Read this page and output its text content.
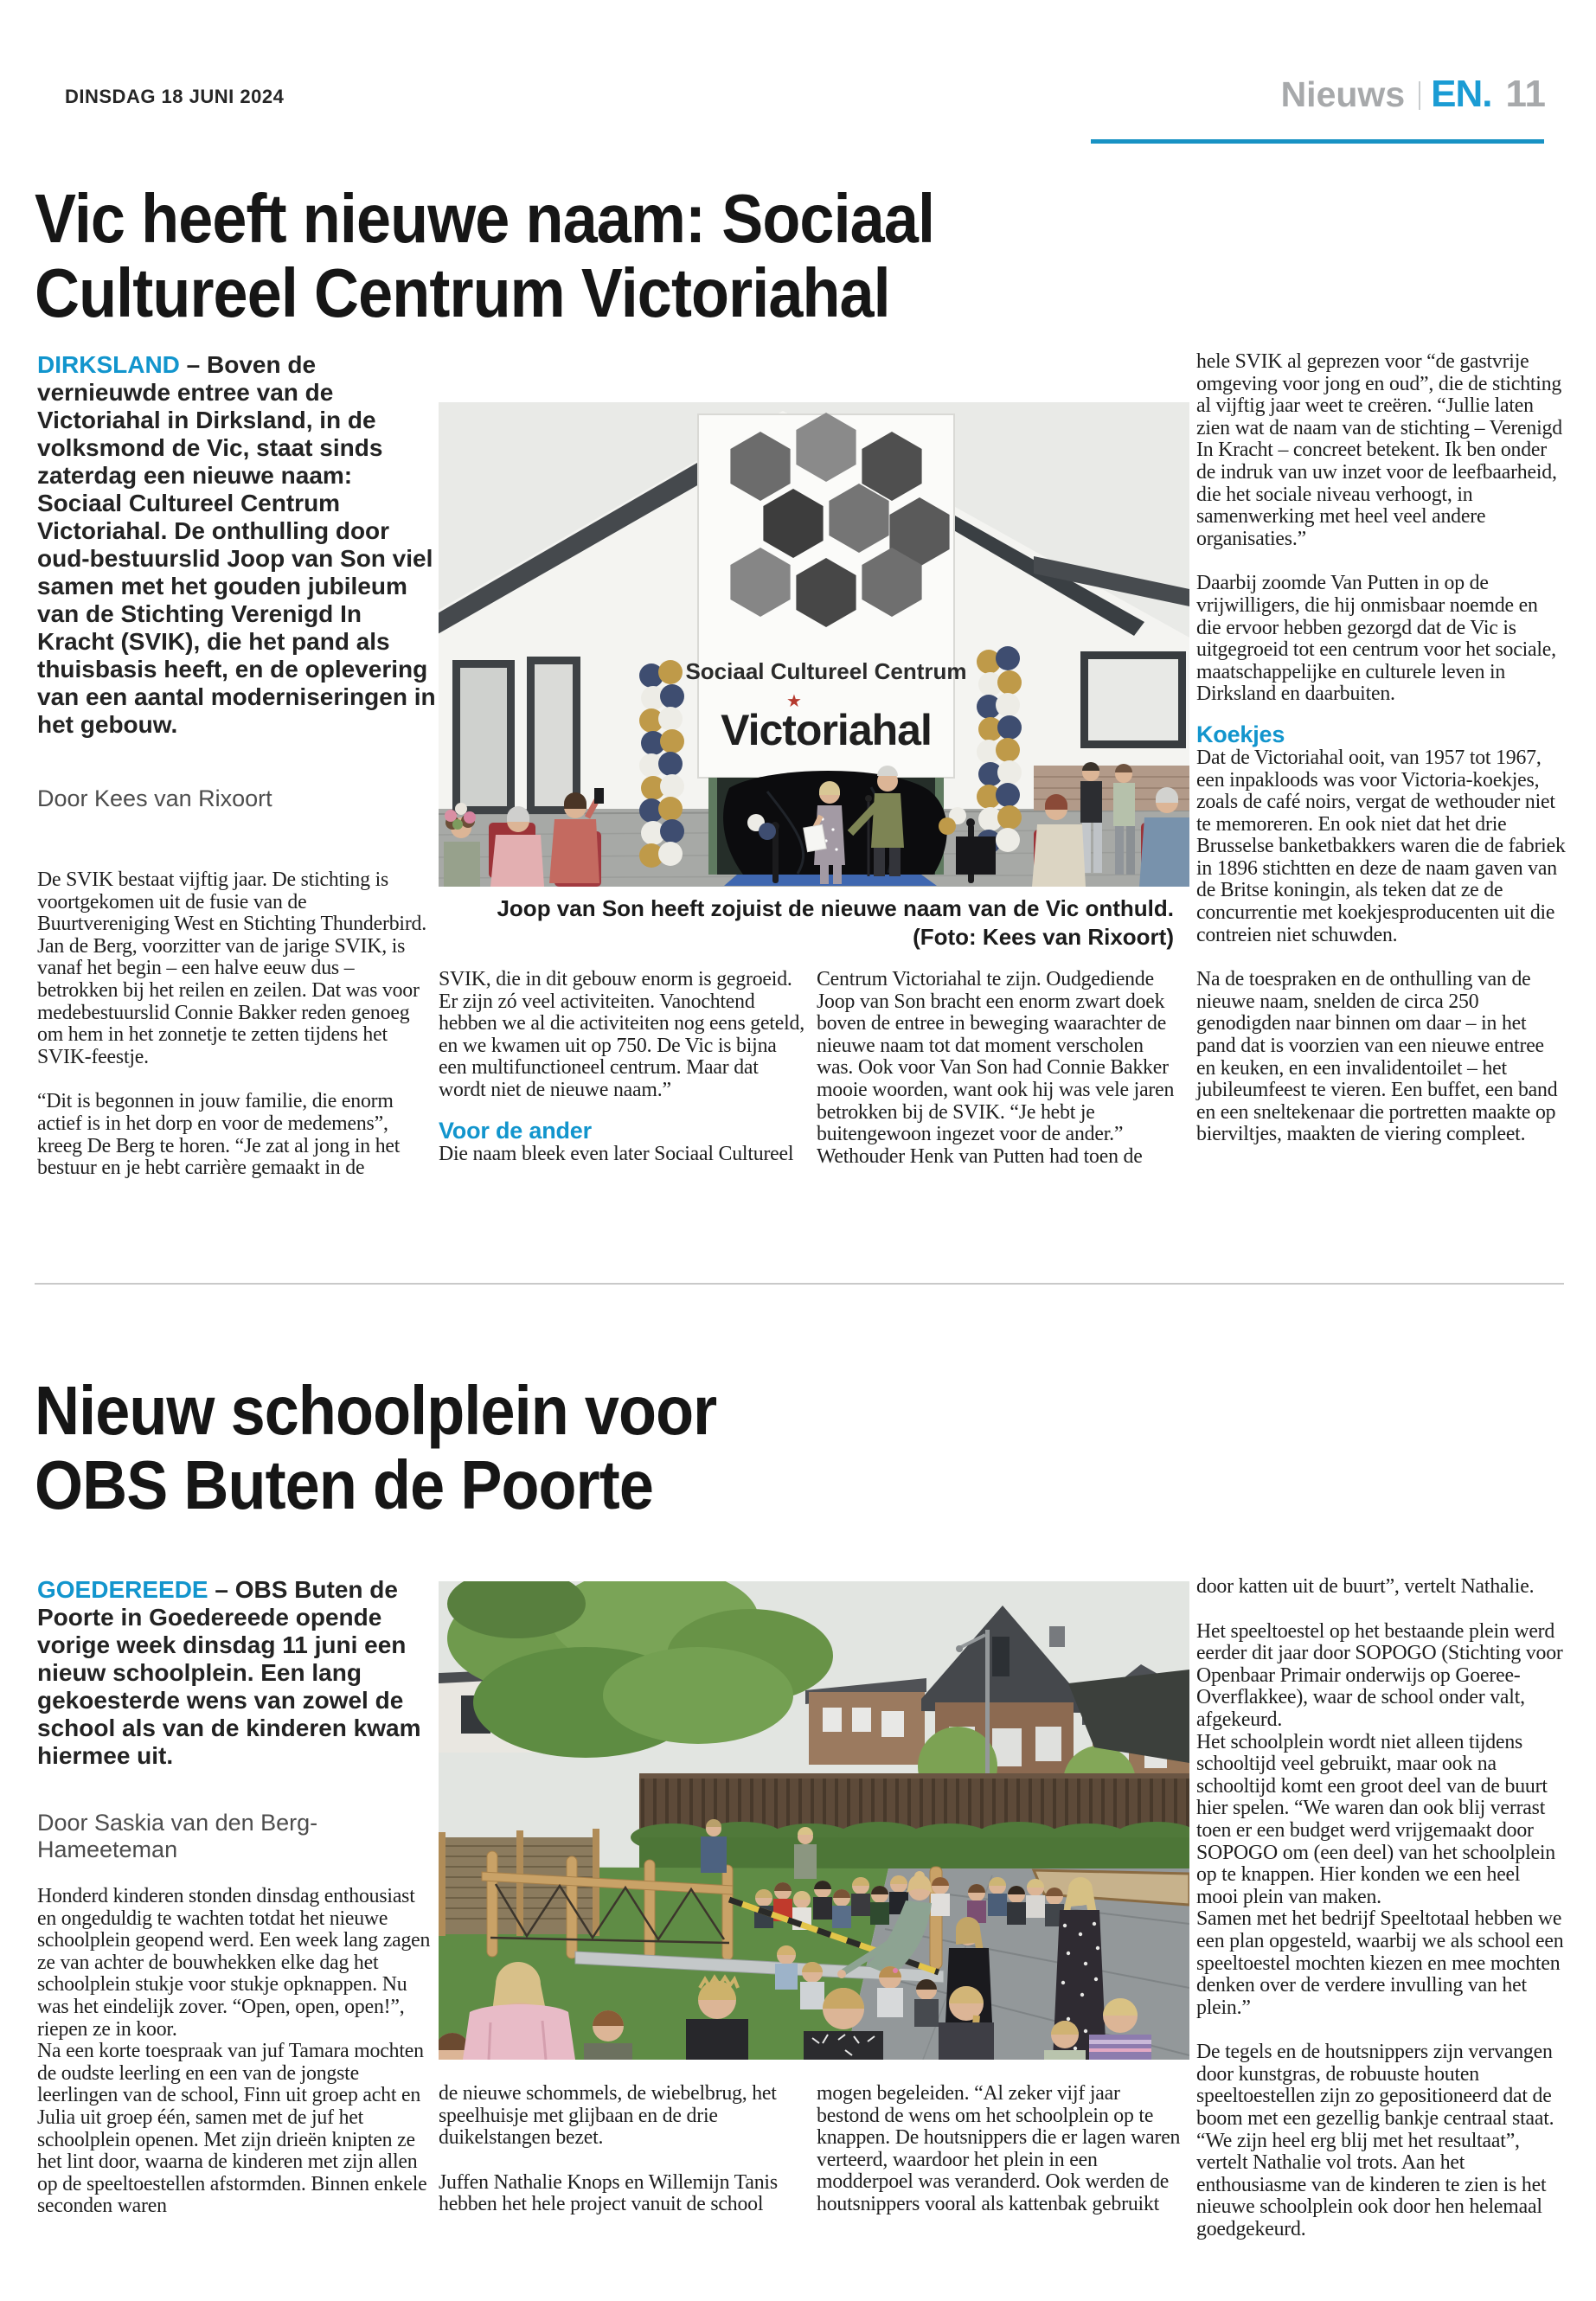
DINSDAG 18 JUNI 2024	Nieuws EN. 11
Vic heeft nieuwe naam: Sociaal
Cultureel Centrum Victoriahal

DIRKSLAND – Boven de vernieuwde entree van de Victoriahal in Dirksland, in de volksmond de Vic, staat sinds zaterdag een nieuwe naam: Sociaal Cultureel Centrum Victoriahal. De onthulling door oud-bestuurslid Joop van Son viel samen met het gouden jubileum van de Stichting Verenigd In Kracht (SVIK), die het pand als thuisbasis heeft, en de oplevering van een aantal moderniseringen in het gebouw.

Door Kees van Rixoort

De SVIK bestaat vijftig jaar. De stichting is voortgekomen uit de fusie van de Buurtvereniging West en Stichting Thunderbird. Jan de Berg, voorzitter van de jarige SVIK, is vanaf het begin – een halve eeuw dus – betrokken bij het reilen en zeilen. Dat was voor medebestuurslid Connie Bakker reden genoeg om hem in het zonnetje te zetten tijdens het SVIK-feestje.

“Dit is begonnen in jouw familie, die enorm actief is in het dorp en voor de medemens”, kreeg De Berg te horen. “Je zat al jong in het bestuur en je hebt carrière gemaakt in de

Sociaal Cultureel Centrum
★
Victoriahal
Joop van Son heeft zojuist de nieuwe naam van de Vic onthuld. (Foto: Kees van Rixoort)

SVIK, die in dit gebouw enorm is gegroeid. Er zijn zó veel activiteiten. Vanochtend hebben we al die activiteiten nog eens geteld, en we kwamen uit op 750. De Vic is bijna een multifunctioneel centrum. Maar dat wordt niet de nieuwe naam.”

Voor de ander

Die naam bleek even later Sociaal Cultureel

Centrum Victoriahal te zijn. Oudgediende Joop van Son bracht een enorm zwart doek boven de entree in beweging waarachter de nieuwe naam tot dat moment verscholen was. Ook voor Van Son had Connie Bakker mooie woorden, want ook hij was vele jaren betrokken bij de SVIK. “Je hebt je buitengewoon ingezet voor de ander.” Wethouder Henk van Putten had toen de

hele SVIK al geprezen voor “de gastvrije omgeving voor jong en oud”, die de stichting al vijftig jaar weet te creëren. “Jullie laten zien wat de naam van de stichting – Verenigd In Kracht – concreet betekent. Ik ben onder de indruk van uw inzet voor de leefbaarheid, die het sociale niveau verhoogt, in samenwerking met heel veel andere organisaties.”

Daarbij zoomde Van Putten in op de vrijwilligers, die hij onmisbaar noemde en die ervoor hebben gezorgd dat de Vic is uitgegroeid tot een centrum voor het sociale, maatschappelijke en culturele leven in Dirksland en daarbuiten.

Koekjes

Dat de Victoriahal ooit, van 1957 tot 1967, een inpakloods was voor Victoria-koekjes, zoals de café noirs, vergat de wethouder niet te memoreren. En ook niet dat het drie Brusselse banketbakkers waren die de fabriek in 1896 stichtten en deze de naam gaven van de Britse koningin, als teken dat ze de concurrentie met koekjesproducenten uit die contreien niet schuwden.

Na de toespraken en de onthulling van de nieuwe naam, snelden de circa 250 genodigden naar binnen om daar – in het pand dat is voorzien van een nieuwe entree en keuken, en een invalidentoilet – het jubileumfeest te vieren. Een buffet, een band en een sneltekenaar die portretten maakte op bierviltjes, maakten de viering compleet.

Nieuw schoolplein voor
OBS Buten de Poorte

GOEDEREEDE – OBS Buten de Poorte in Goedereede opende vorige week dinsdag 11 juni een nieuw schoolplein. Een lang gekoesterde wens van zowel de school als van de kinderen kwam hiermee uit.

Door Saskia van den Berg-Hameeteman

Honderd kinderen stonden dinsdag enthousiast en ongeduldig te wachten totdat het nieuwe schoolplein geopend werd. Een week lang zagen ze van achter de bouwhekken elke dag het schoolplein stukje voor stukje opknappen. Nu was het eindelijk zover. “Open, open, open!”, riepen ze in koor.

Na een korte toespraak van juf Tamara mochten de oudste leerling en een van de jongste leerlingen van de school, Finn uit groep acht en Julia uit groep één, samen met de juf het schoolplein openen. Met zijn drieën knipten ze het lint door, waarna de kinderen met zijn allen op de speeltoestellen afstormden. Binnen enkele seconden waren

de nieuwe schommels, de wiebelbrug, het speelhuisje met glijbaan en de drie duikelstangen bezet.

Juffen Nathalie Knops en Willemijn Tanis hebben het hele project vanuit de school

mogen begeleiden. “Al zeker vijf jaar bestond de wens om het schoolplein op te knappen. De houtsnippers die er lagen waren verteerd, waardoor het plein in een modderpoel was veranderd. Ook werden de houtsnippers vooral als kattenbak gebruikt

door katten uit de buurt”, vertelt Nathalie.

Het speeltoestel op het bestaande plein werd eerder dit jaar door SOPOGO (Stichting voor Openbaar Primair onderwijs op Goeree-Overflakkee), waar de school onder valt, afgekeurd.

Het schoolplein wordt niet alleen tijdens schooltijd veel gebruikt, maar ook na schooltijd komt een groot deel van de buurt hier spelen. “We waren dan ook blij verrast toen er een budget werd vrijgemaakt door SOPOGO om (een deel) van het schoolplein op te knappen. Hier konden we een heel mooi plein van maken.

Samen met het bedrijf Speeltotaal hebben we een plan opgesteld, waarbij we als school een speeltoestel mochten kiezen en mee mochten denken over de verdere invulling van het plein.”

De tegels en de houtsnippers zijn vervangen door kunstgras, de robuuste houten speeltoestellen zijn zo gepositioneerd dat de boom met een gezellig bankje centraal staat. “We zijn heel erg blij met het resultaat”, vertelt Nathalie vol trots. Aan het enthousiasme van de kinderen te zien is het nieuwe schoolplein ook door hen helemaal goedgekeurd.
